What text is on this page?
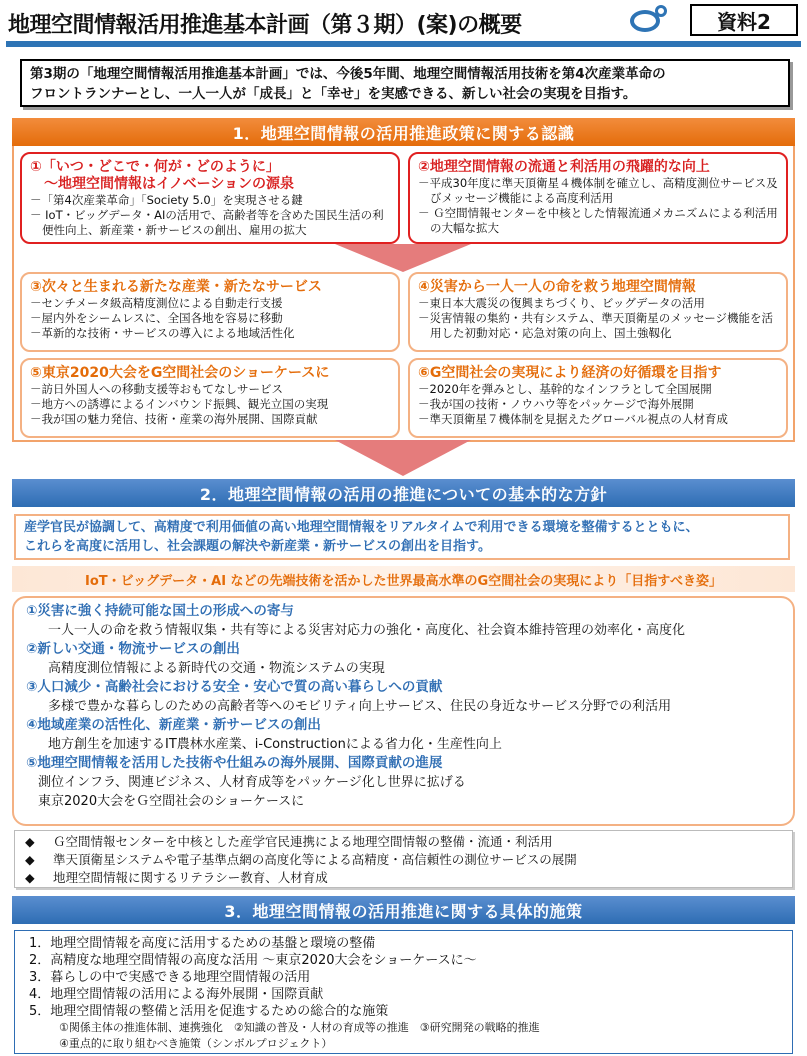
地理空間情報活用推進基本計画（第３期）(案)の概要	資料2
第3期の「地理空間情報活用推進基本計画」では、今後5年間、地理空間情報活用技術を第4次産業革命の
フロントランナーとし、一人一人が「成長」と「幸せ」を実感できる、新しい社会の実現を目指す。
1．地理空間情報の活用推進政策に関する認識
①「いつ・どこで・何が・どのように」
　～地理空間情報はイノベーションの源泉
－「第4次産業革命」「Society 5.0」を実現させる鍵
－ IoT・ビッグデータ・AIの活用で、高齢者等を含めた国民生活の利便性向上、新産業・新サービスの創出、雇用の拡大
②地理空間情報の流通と利活用の飛躍的な向上
－平成30年度に準天頂衛星４機体制を確立し、高精度測位サービス及びメッセージ機能による高度利活用
－ Ｇ空間情報センターを中核とした情報流通メカニズムによる利活用の大幅な拡大
③次々と生まれる新たな産業・新たなサービス
－センチメータ級高精度測位による自動走行支援
－屋内外をシームレスに、全国各地を容易に移動
－革新的な技術・サービスの導入による地域活性化
④災害から一人一人の命を救う地理空間情報
－東日本大震災の復興まちづくり、ビッグデータの活用
－災害情報の集約・共有システム、準天頂衛星のメッセージ機能を活用した初動対応・応急対策の向上、国土強靱化
⑤東京2020大会をG空間社会のショーケースに
－訪日外国人への移動支援等おもてなしサービス
－地方への誘導によるインバウンド振興、観光立国の実現
－我が国の魅力発信、技術・産業の海外展開、国際貢献
⑥G空間社会の実現により経済の好循環を目指す
－2020年を弾みとし、基幹的なインフラとして全国展開
－我が国の技術・ノウハウ等をパッケージで海外展開
－準天頂衛星７機体制を見据えたグローバル視点の人材育成
2．地理空間情報の活用の推進についての基本的な方針
産学官民が協調して、高精度で利用価値の高い地理空間情報をリアルタイムで利用できる環境を整備するとともに、
これらを高度に活用し、社会課題の解決や新産業・新サービスの創出を目指す。
IoT・ビッグデータ・AI などの先端技術を活かした世界最高水準のG空間社会の実現により「目指すべき姿」
①災害に強く持続可能な国土の形成への寄与
一人一人の命を救う情報収集・共有等による災害対応力の強化・高度化、社会資本維持管理の効率化・高度化
②新しい交通・物流サービスの創出
高精度測位情報による新時代の交通・物流システムの実現
③人口減少・高齢社会における安全・安心で質の高い暮らしへの貢献
多様で豊かな暮らしのための高齢者等へのモビリティ向上サービス、住民の身近なサービス分野での利活用
④地域産業の活性化、新産業・新サービスの創出
地方創生を加速するIT農林水産業、i-Constructionによる省力化・生産性向上
⑤地理空間情報を活用した技術や仕組みの海外展開、国際貢献の進展
測位インフラ、関連ビジネス、人材育成等をパッケージ化し世界に拡げる
東京2020大会をＧ空間社会のショーケースに
◆	Ｇ空間情報センターを中核とした産学官民連携による地理空間情報の整備・流通・利活用
◆	準天頂衛星システムや電子基準点網の高度化等による高精度・高信頼性の測位サービスの展開
◆	地理空間情報に関するリテラシー教育、人材育成
3．地理空間情報の活用推進に関する具体的施策
1．地理空間情報を高度に活用するための基盤と環境の整備
2．高精度な地理空間情報の高度な活用 ～東京2020大会をショーケースに～
3．暮らしの中で実感できる地理空間情報の活用
4．地理空間情報の活用による海外展開・国際貢献
5．地理空間情報の整備と活用を促進するための総合的な施策
①関係主体の推進体制、連携強化　②知識の普及・人材の育成等の推進　③研究開発の戦略的推進
④重点的に取り組むべき施策（シンボルプロジェクト）
